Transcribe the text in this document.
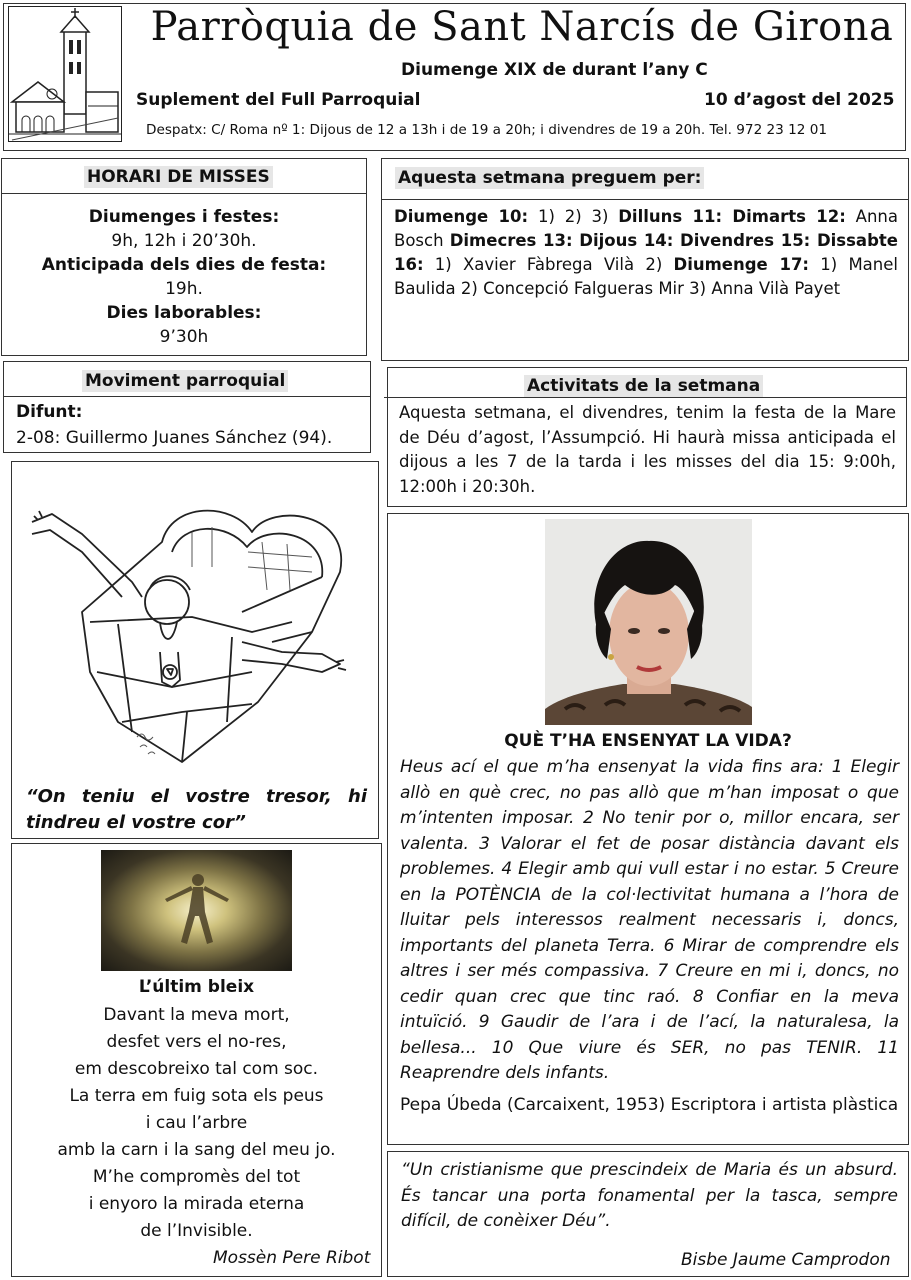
Parròquia de Sant Narcís de Girona
Diumenge XIX de durant l’any C
Suplement del Full Parroquial	10 d’agost del 2025
Despatx: C/ Roma nº 1: Dijous de 12 a 13h i de 19 a 20h; i divendres de 19 a 20h. Tel. 972 23 12 01
HORARI DE MISSES
Diumenges i festes:
9h, 12h i 20’30h.
Anticipada dels dies de festa:
19h.
Dies laborables:
9’30h
Aquesta setmana preguem per:
Diumenge 10: 1) 2) 3) Dilluns 11: Dimarts 12: Anna Bosch Dimecres 13: Dijous 14: Divendres 15: Dissabte 16: 1) Xavier Fàbrega Vilà 2) Diumenge 17: 1) Manel Baulida 2) Concepció Falgueras Mir 3) Anna Vilà Payet
Moviment parroquial
Difunt:
2-08: Guillermo Juanes Sánchez (94).
Activitats de la setmana
Aquesta setmana, el divendres, tenim la festa de la Mare de Déu d’agost, l’Assumpció. Hi haurà missa anticipada el dijous a les 7 de la tarda i les misses del dia 15: 9:00h, 12:00h i 20:30h.
“On teniu el vostre tresor, hi tindreu el vostre cor”
L’últim bleix
Davant la meva mort,
desfet vers el no-res,
em descobreixo tal com soc.
La terra em fuig sota els peus
i cau l’arbre
amb la carn i la sang del meu jo.
M’he compromès del tot
i enyoro la mirada eterna
de l’Invisible.
Mossèn Pere Ribot
QUÈ T’HA ENSENYAT LA VIDA?
Heus ací el que m’ha ensenyat la vida fins ara: 1 Elegir allò en què crec, no pas allò que m’han imposat o que m’intenten imposar. 2 No tenir por o, millor encara, ser valenta. 3 Valorar el fet de posar distància davant els problemes. 4 Elegir amb qui vull estar i no estar. 5 Creure en la POTÈNCIA de la col·lectivitat humana a l’hora de lluitar pels interessos realment necessaris i, doncs, importants del planeta Terra. 6 Mirar de comprendre els altres i ser més compassiva. 7 Creure en mi i, doncs, no cedir quan crec que tinc raó. 8 Confiar en la meva intuïció. 9 Gaudir de l’ara i de l’ací, la naturalesa, la bellesa... 10 Que viure és SER, no pas TENIR. 11 Reaprendre dels infants.
Pepa Úbeda (Carcaixent, 1953) Escriptora i artista plàstica
“Un cristianisme que prescindeix de Maria és un absurd. És tancar una porta fonamental per la tasca, sempre difícil, de conèixer Déu”.
Bisbe Jaume Camprodon
